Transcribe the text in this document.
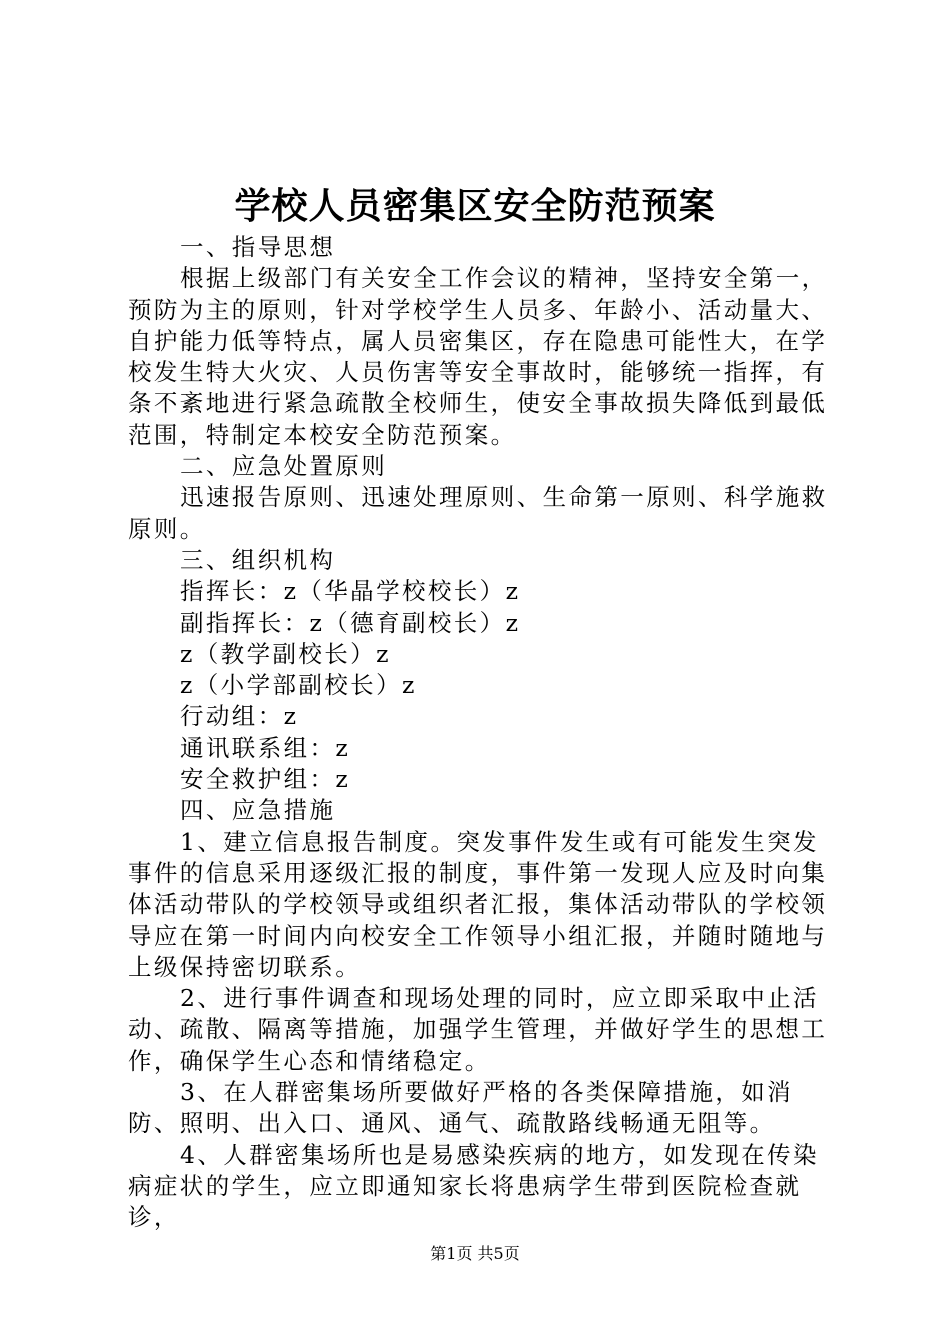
学校人员密集区安全防范预案

一、指导思想

根据上级部门有关安全工作会议的精神，坚持安全第一，预防为主的原则，针对学校学生人员多、年龄小、活动量大、自护能力低等特点，属人员密集区，存在隐患可能性大，在学校发生特大火灾、人员伤害等安全事故时，能够统一指挥，有条不紊地进行紧急疏散全校师生，使安全事故损失降低到最低范围，特制定本校安全防范预案。

二、应急处置原则

迅速报告原则、迅速处理原则、生命第一原则、科学施救原则。

三、组织机构

指挥长：z（华晶学校校长）z

副指挥长：z（德育副校长）z

z（教学副校长）z

z（小学部副校长）z

行动组：z

通讯联系组：z

安全救护组：z

四、应急措施

1、建立信息报告制度。突发事件发生或有可能发生突发事件的信息采用逐级汇报的制度，事件第一发现人应及时向集体活动带队的学校领导或组织者汇报，集体活动带队的学校领导应在第一时间内向校安全工作领导小组汇报，并随时随地与上级保持密切联系。

2、进行事件调查和现场处理的同时，应立即采取中止活动、疏散、隔离等措施，加强学生管理，并做好学生的思想工作，确保学生心态和情绪稳定。

3、在人群密集场所要做好严格的各类保障措施，如消防、照明、出入口、通风、通气、疏散路线畅通无阻等。

4、人群密集场所也是易感染疾病的地方，如发现在传染病症状的学生，应立即通知家长将患病学生带到医院检查就诊，

第1页 共5页
